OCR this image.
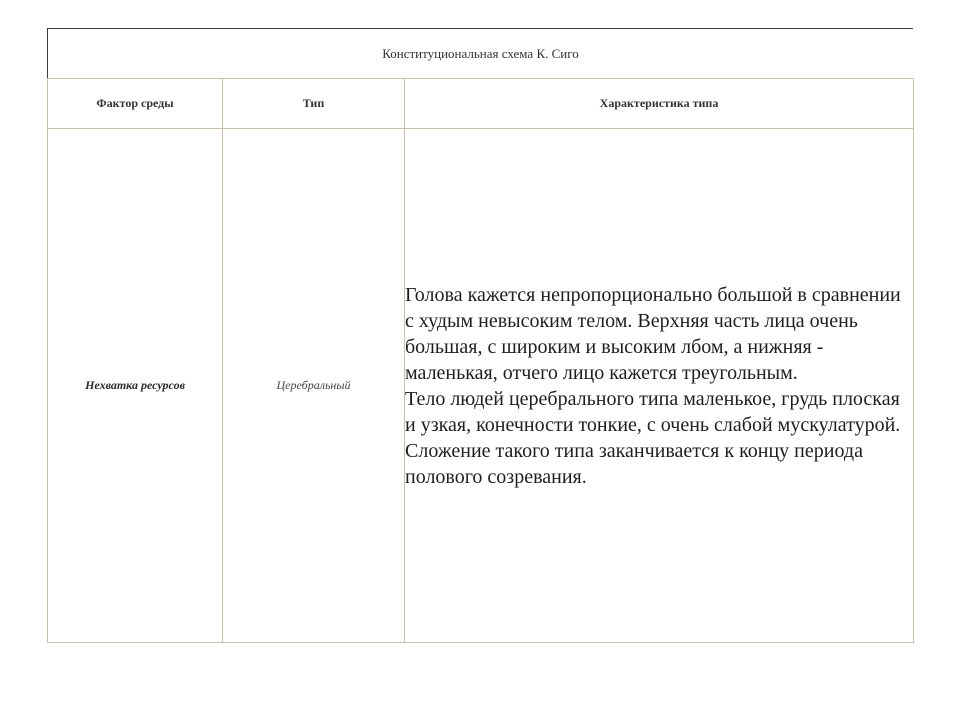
Конституциональная схема К. Сиго
Фактор среды	Тип	Характеристика типа
Нехватка ресурсов	Церебральный	Голова кажется непропорционально большой в сравнении с худым невысоким телом. Верхняя часть лица очень большая, с широким и высоким лбом, а нижняя - маленькая, отчего лицо кажется треугольным.

Тело людей церебрального типа маленькое, грудь плоская и узкая, конечности тонкие, с очень слабой мускулатурой.

Сложение такого типа заканчивается к концу периода полового созревания.
